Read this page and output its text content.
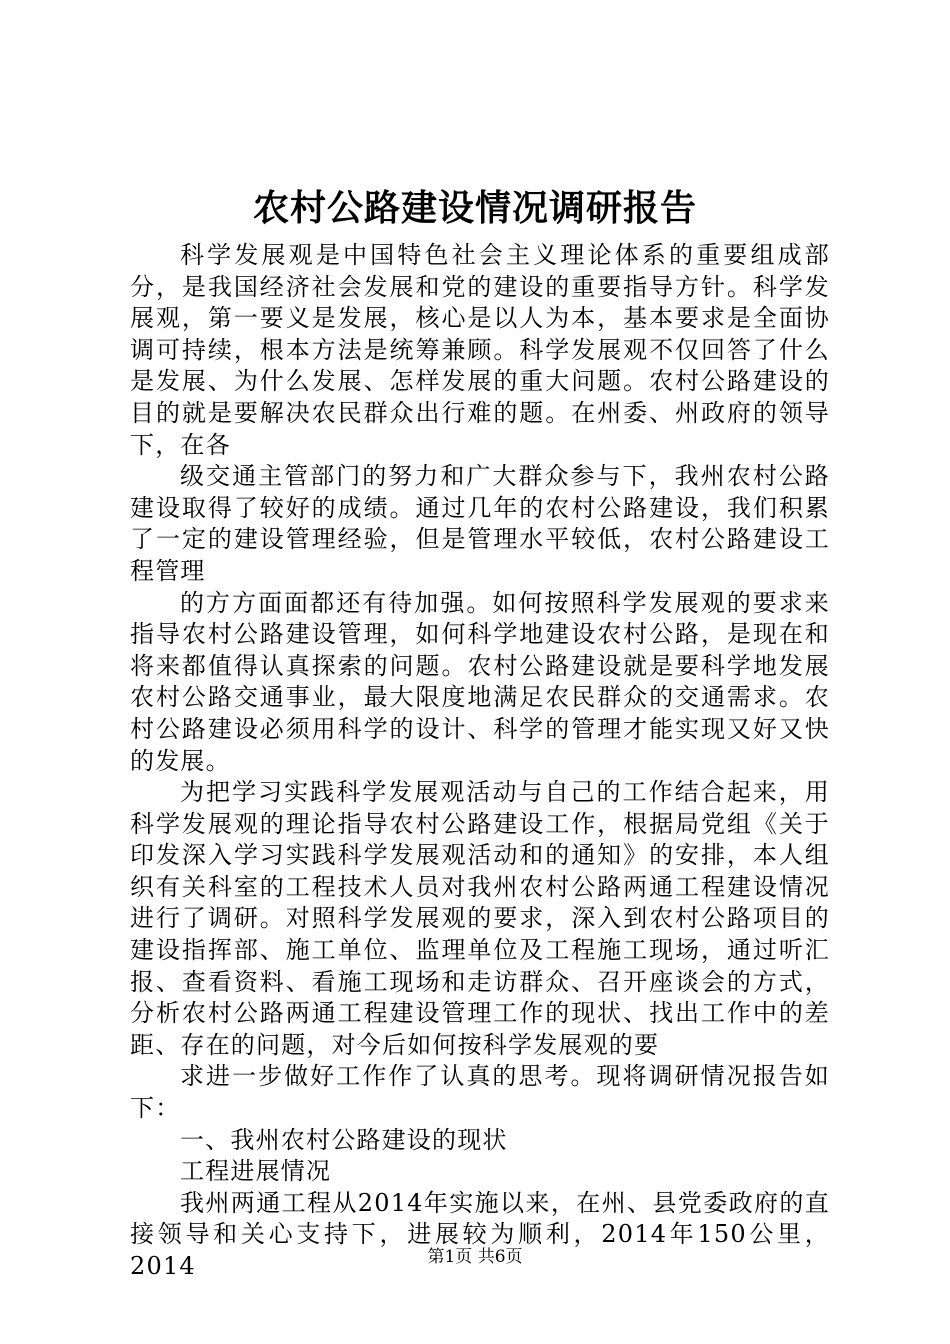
农村公路建设情况调研报告

科学发展观是中国特色社会主义理论体系的重要组成部分，是我国经济社会发展和党的建设的重要指导方针。科学发展观，第一要义是发展，核心是以人为本，基本要求是全面协调可持续，根本方法是统筹兼顾。科学发展观不仅回答了什么是发展、为什么发展、怎样发展的重大问题。农村公路建设的目的就是要解决农民群众出行难的题。在州委、州政府的领导下，在各

级交通主管部门的努力和广大群众参与下，我州农村公路建设取得了较好的成绩。通过几年的农村公路建设，我们积累了一定的建设管理经验，但是管理水平较低，农村公路建设工程管理

的方方面面都还有待加强。如何按照科学发展观的要求来指导农村公路建设管理，如何科学地建设农村公路，是现在和将来都值得认真探索的问题。农村公路建设就是要科学地发展农村公路交通事业，最大限度地满足农民群众的交通需求。农村公路建设必须用科学的设计、科学的管理才能实现又好又快的发展。

为把学习实践科学发展观活动与自己的工作结合起来，用科学发展观的理论指导农村公路建设工作，根据局党组《关于印发深入学习实践科学发展观活动和的通知》的安排，本人组织有关科室的工程技术人员对我州农村公路两通工程建设情况进行了调研。对照科学发展观的要求，深入到农村公路项目的建设指挥部、施工单位、监理单位及工程施工现场，通过听汇报、查看资料、看施工现场和走访群众、召开座谈会的方式，分析农村公路两通工程建设管理工作的现状、找出工作中的差距、存在的问题，对今后如何按科学发展观的要

求进一步做好工作作了认真的思考。现将调研情况报告如下：

一、我州农村公路建设的现状

工程进展情况

我州两通工程从2014年实施以来，在州、县党委政府的直接领导和关心支持下，进展较为顺利，2014年150公里，2014	第1页 共6页
